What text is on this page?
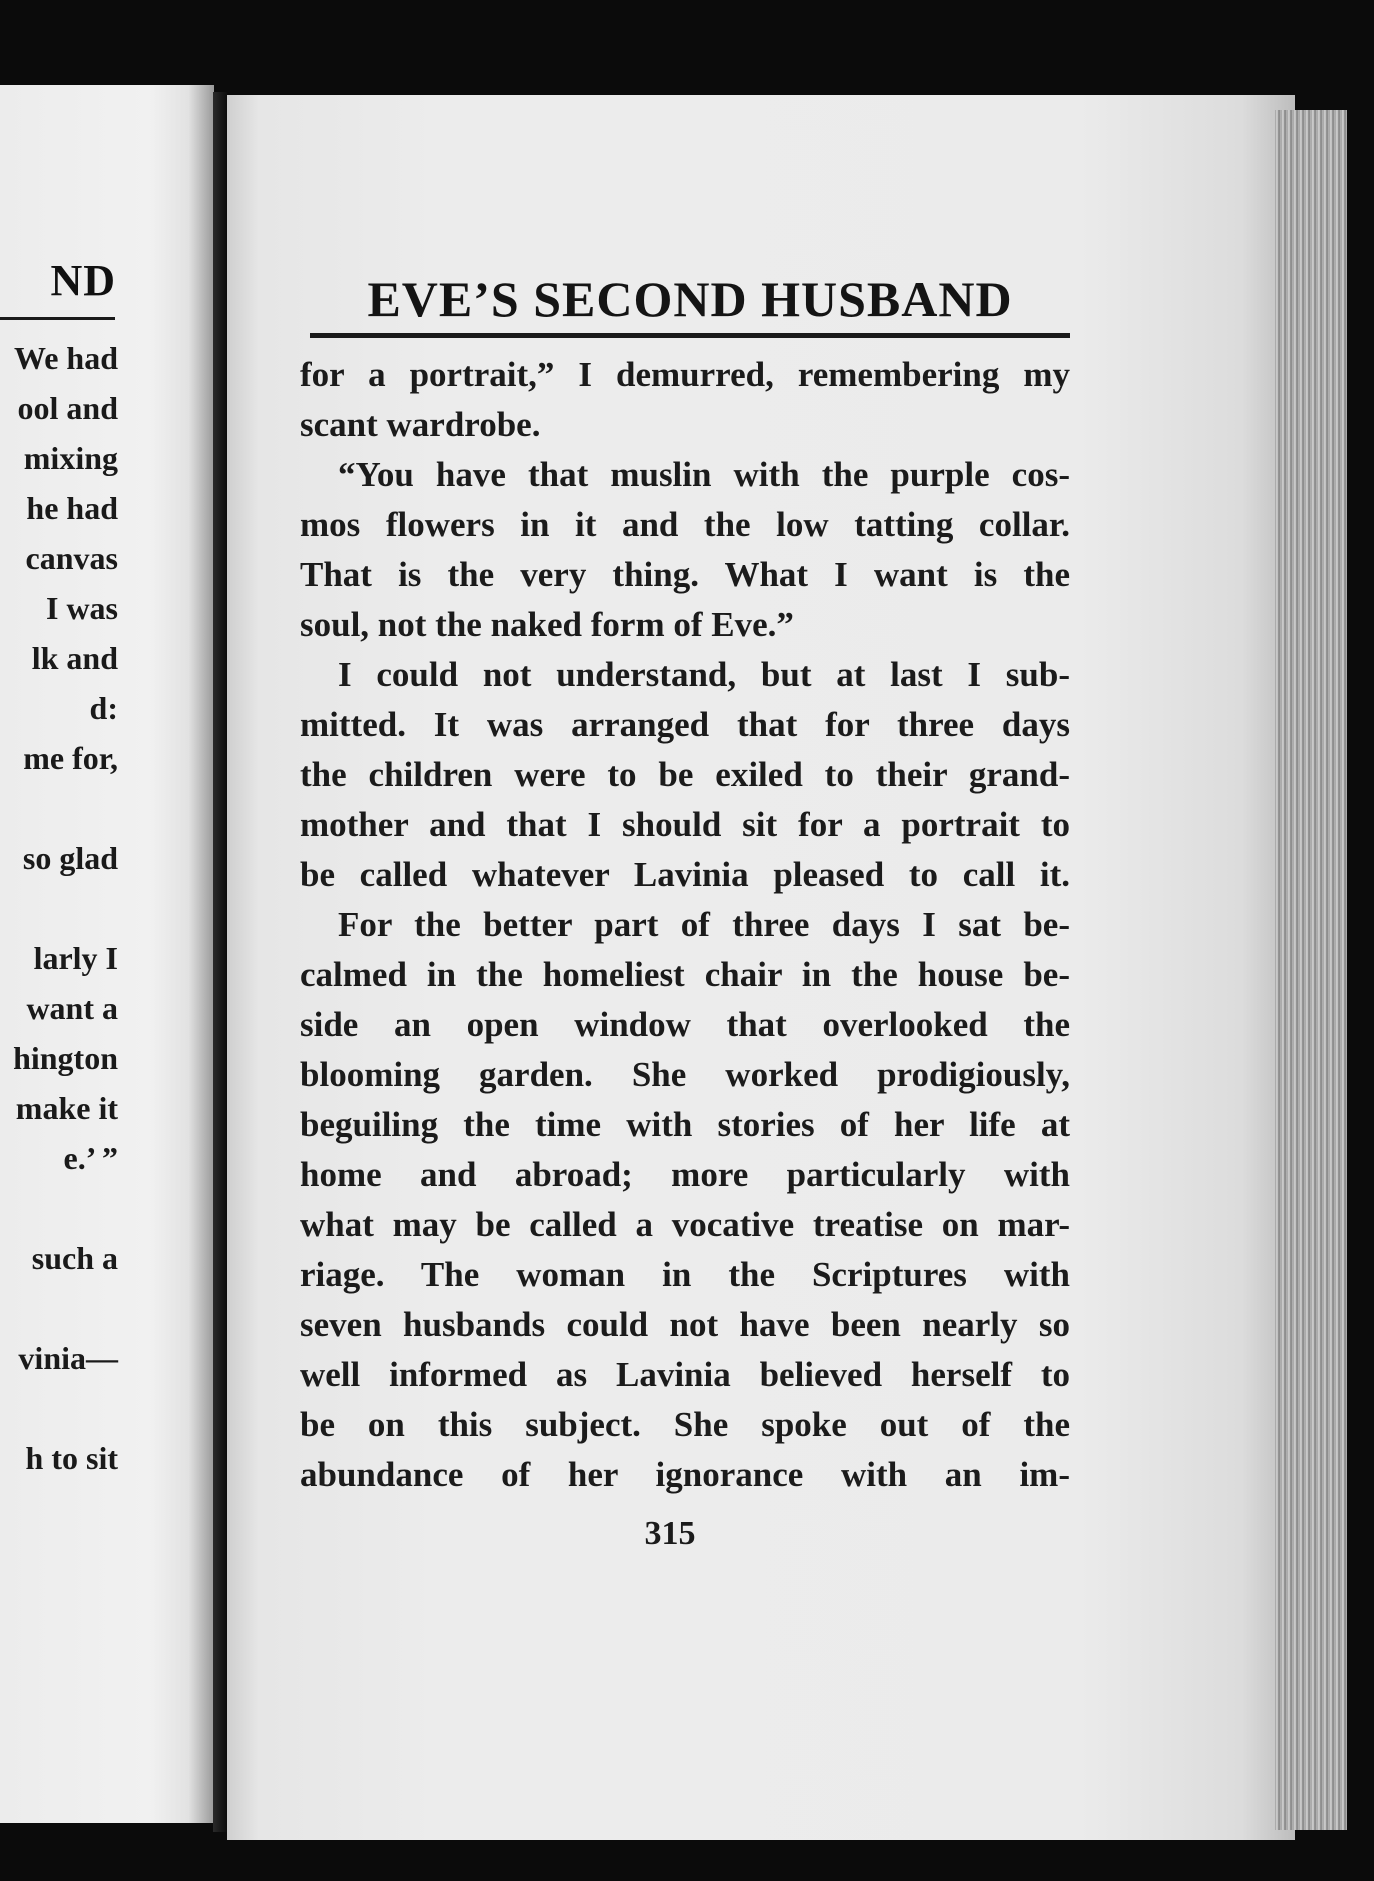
ND
We had
ool and
mixing
he had
canvas
I was
lk and
d:
me for,
so glad
larly I
want a
hington
make it
e.’ ”
such a
vinia—
h to sit
EVE’S SECOND HUSBAND
for a portrait,” I demurred, remembering my
scant wardrobe.
“You have that muslin with the purple cos-
mos flowers in it and the low tatting collar.
That is the very thing. What I want is the
soul, not the naked form of Eve.”
I could not understand, but at last I sub-
mitted. It was arranged that for three days
the children were to be exiled to their grand-
mother and that I should sit for a portrait to
be called whatever Lavinia pleased to call it.
For the better part of three days I sat be-
calmed in the homeliest chair in the house be-
side an open window that overlooked the
blooming garden. She worked prodigiously,
beguiling the time with stories of her life at
home and abroad; more particularly with
what may be called a vocative treatise on mar-
riage. The woman in the Scriptures with
seven husbands could not have been nearly so
well informed as Lavinia believed herself to
be on this subject. She spoke out of the
abundance of her ignorance with an im-
315
